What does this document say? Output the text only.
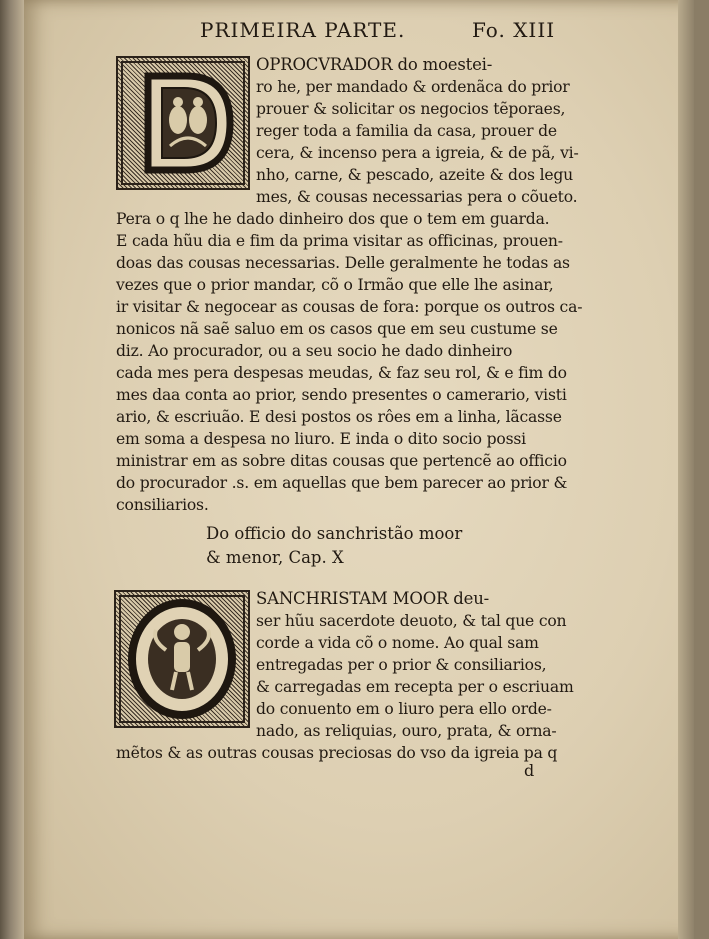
PRIMEIRA PARTE.	Fo. XIII
OPROCVRADOR do moestei-
ro he, per mandado & ordenãca do prior
prouer & solicitar os negocios tẽporaes,
reger toda a familia da casa, prouer de
cera, & incenso pera a igreia, & de pã, vi-
nho, carne, & pescado, azeite & dos legu
mes, & cousas necessarias pera o cõueto.
Pera o q lhe he dado dinheiro dos que o tem em guarda.
E cada hũu dia e fim da prima visitar as officinas, prouen-
doas das cousas necessarias. Delle geralmente he todas as
vezes que o prior mandar, cõ o Irmão que elle lhe asinar,
ir visitar & negocear as cousas de fora: porque os outros ca-
nonicos nã saẽ saluo em os casos que em seu custume se
diz. Ao procurador, ou a seu socio he dado dinheiro
cada mes pera despesas meudas, & faz seu rol, & e fim do
mes daa conta ao prior, sendo presentes o camerario, visti
ario, & escriuão. E desi postos os rôes em a linha, lãcasse
em soma a despesa no liuro. E inda o dito socio possi
ministrar em as sobre ditas cousas que pertencẽ ao officio
do procurador .s. em aquellas que bem parecer ao prior &
consiliarios.
Do officio do sanchristão moor
& menor, Cap. X
SANCHRISTAM MOOR deu-
ser hũu sacerdote deuoto, & tal que con
corde a vida cõ o nome. Ao qual sam
entregadas per o prior & consiliarios,
& carregadas em recepta per o escriuam
do conuento em o liuro pera ello orde-
nado, as reliquias, ouro, prata, & orna-
mẽtos & as outras cousas preciosas do vso da igreia pa q
d
